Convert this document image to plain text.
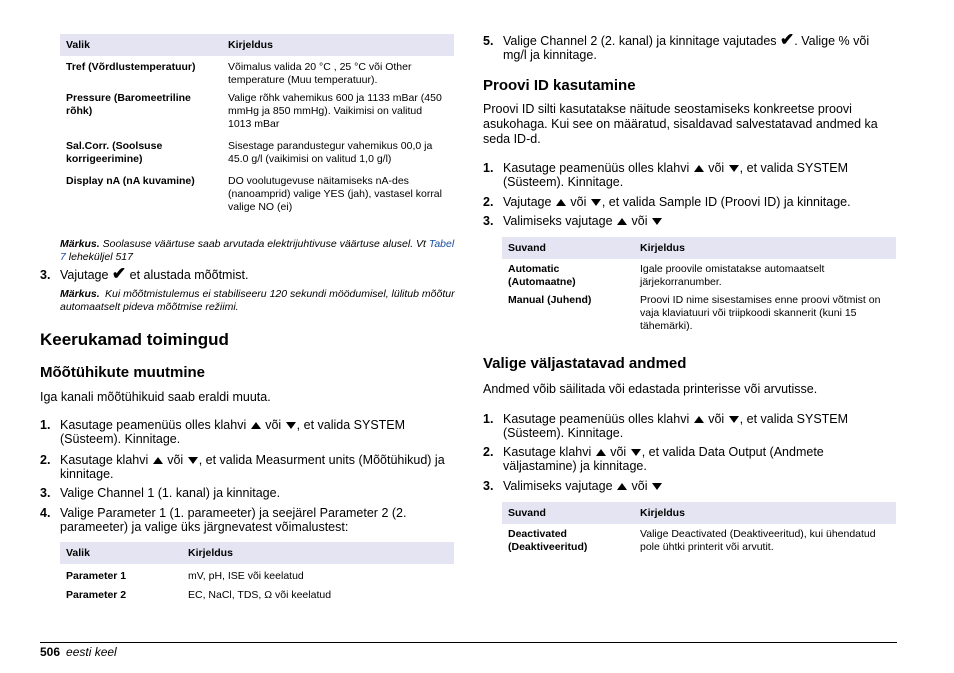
Valik	Kirjeldus
Tref (Võrdlustemperatuur)	Võimalus valida 20 °C , 25 °C või Other temperature (Muu temperatuur).
Pressure (Baromeetriline rõhk)	Valige rõhk vahemikus 600 ja 1133 mBar (450 mmHg ja 850 mmHg). Vaikimisi on valitud 1013 mBar
Sal.Corr. (Soolsuse korrigeerimine)	Sisestage parandustegur vahemikus 00,0 ja 45.0 g/l (vaikimisi on valitud 1,0 g/l)
Display nA (nA kuvamine)	DO voolutugevuse näitamiseks nA-des (nanoamprid) valige YES (jah), vastasel korral valige NO (ei)
Märkus. Soolasuse väärtuse saab arvutada elektrijuhtivuse väärtuse alusel. Vt Tabel 7 leheküljel 517
3. Vajutage ✔ et alustada mõõtmist.
Kui mõõtmistulemus ei stabiliseeru 120 sekundi möödumisel, lülitub mõõtur automaatselt pideva mõõtmise režiimi.
Märkus.
Keerukamad toimingud
Mõõtühikute muutmine
Iga kanali mõõtühikuid saab eraldi muuta.
1. Kasutage peamenüüs olles klahvi või , et valida SYSTEM
(Süsteem). Kinnitage.
2. Kasutage klahvi või , et valida Measurment units (Mõõtühikud) ja
kinnitage.
3. Valige Channel 1 (1. kanal) ja kinnitage.
4. Valige Parameter 1 (1. parameeter) ja seejärel Parameter 2 (2.
parameeter) ja valige üks järgnevatest võimalustest:
Valik	Kirjeldus
Parameter 1	mV, pH, ISE või keelatud
Parameter 2	EC, NaCl, TDS, Ω või keelatud
5. Valige Channel 2 (2. kanal) ja kinnitage vajutades ✔. Valige % või
mg/l ja kinnitage.
Proovi ID kasutamine
Proovi ID silti kasutatakse näitude seostamiseks konkreetse proovi
asukohaga. Kui see on määratud, sisaldavad salvestatavad andmed ka
seda ID-d.
1. Kasutage peamenüüs olles klahvi või , et valida SYSTEM
(Süsteem). Kinnitage.
2. Vajutage või , et valida Sample ID (Proovi ID) ja kinnitage.
3. Valimiseks vajutage või
Suvand	Kirjeldus
Automatic (Automaatne)	Igale proovile omistatakse automaatselt järjekorranumber.
Manual (Juhend)	Proovi ID nime sisestamises enne proovi võtmist on vaja klaviatuuri või triipkoodi skannerit (kuni 15 tähemärki).
Valige väljastatavad andmed
Andmed võib säilitada või edastada printerisse või arvutisse.
1. Kasutage peamenüüs olles klahvi või , et valida SYSTEM
(Süsteem). Kinnitage.
2. Kasutage klahvi või , et valida Data Output (Andmete
väljastamine) ja kinnitage.
3. Valimiseks vajutage või
Suvand	Kirjeldus
Deactivated (Deaktiveeritud)	Valige Deactivated (Deaktiveeritud), kui ühendatud pole ühtki printerit või arvutit.
506 eesti keel
